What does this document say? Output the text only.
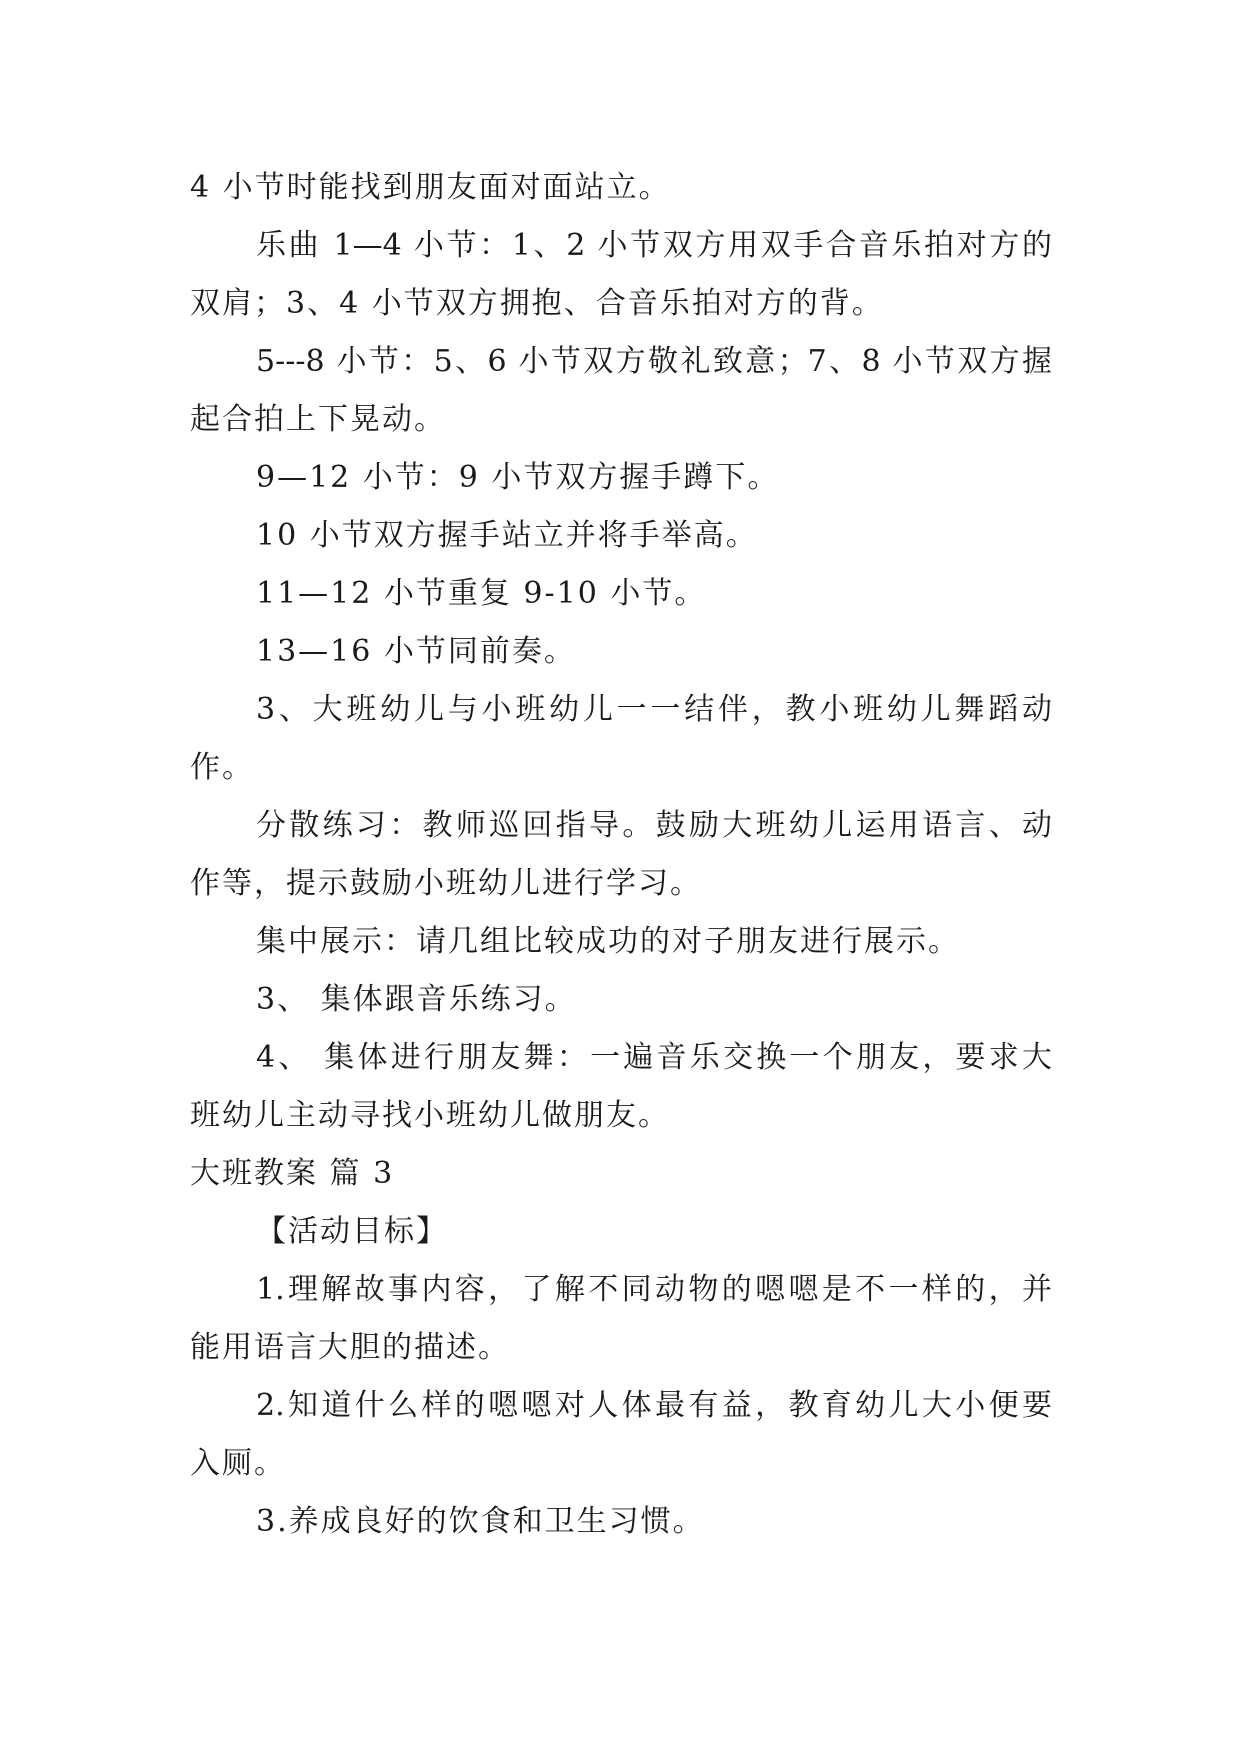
4 小节时能找到朋友面对面站立。
乐曲 1—4 小节：1、2 小节双方用双手合音乐拍对方的
双肩；3、4 小节双方拥抱、合音乐拍对方的背。
5---8 小节：5、6 小节双方敬礼致意；7、8 小节双方握
起合拍上下晃动。
9—12 小节：9 小节双方握手蹲下。
10 小节双方握手站立并将手举高。
11—12 小节重复 9-10 小节。
13—16 小节同前奏。
3、大班幼儿与小班幼儿一一结伴，教小班幼儿舞蹈动
作。
分散练习：教师巡回指导。鼓励大班幼儿运用语言、动
作等，提示鼓励小班幼儿进行学习。
集中展示：请几组比较成功的对子朋友进行展示。
3、 集体跟音乐练习。
4、 集体进行朋友舞：一遍音乐交换一个朋友，要求大
班幼儿主动寻找小班幼儿做朋友。
大班教案 篇 3
【活动目标】
1.理解故事内容，了解不同动物的嗯嗯是不一样的，并
能用语言大胆的描述。
2.知道什么样的嗯嗯对人体最有益，教育幼儿大小便要
入厕。
3.养成良好的饮食和卫生习惯。
